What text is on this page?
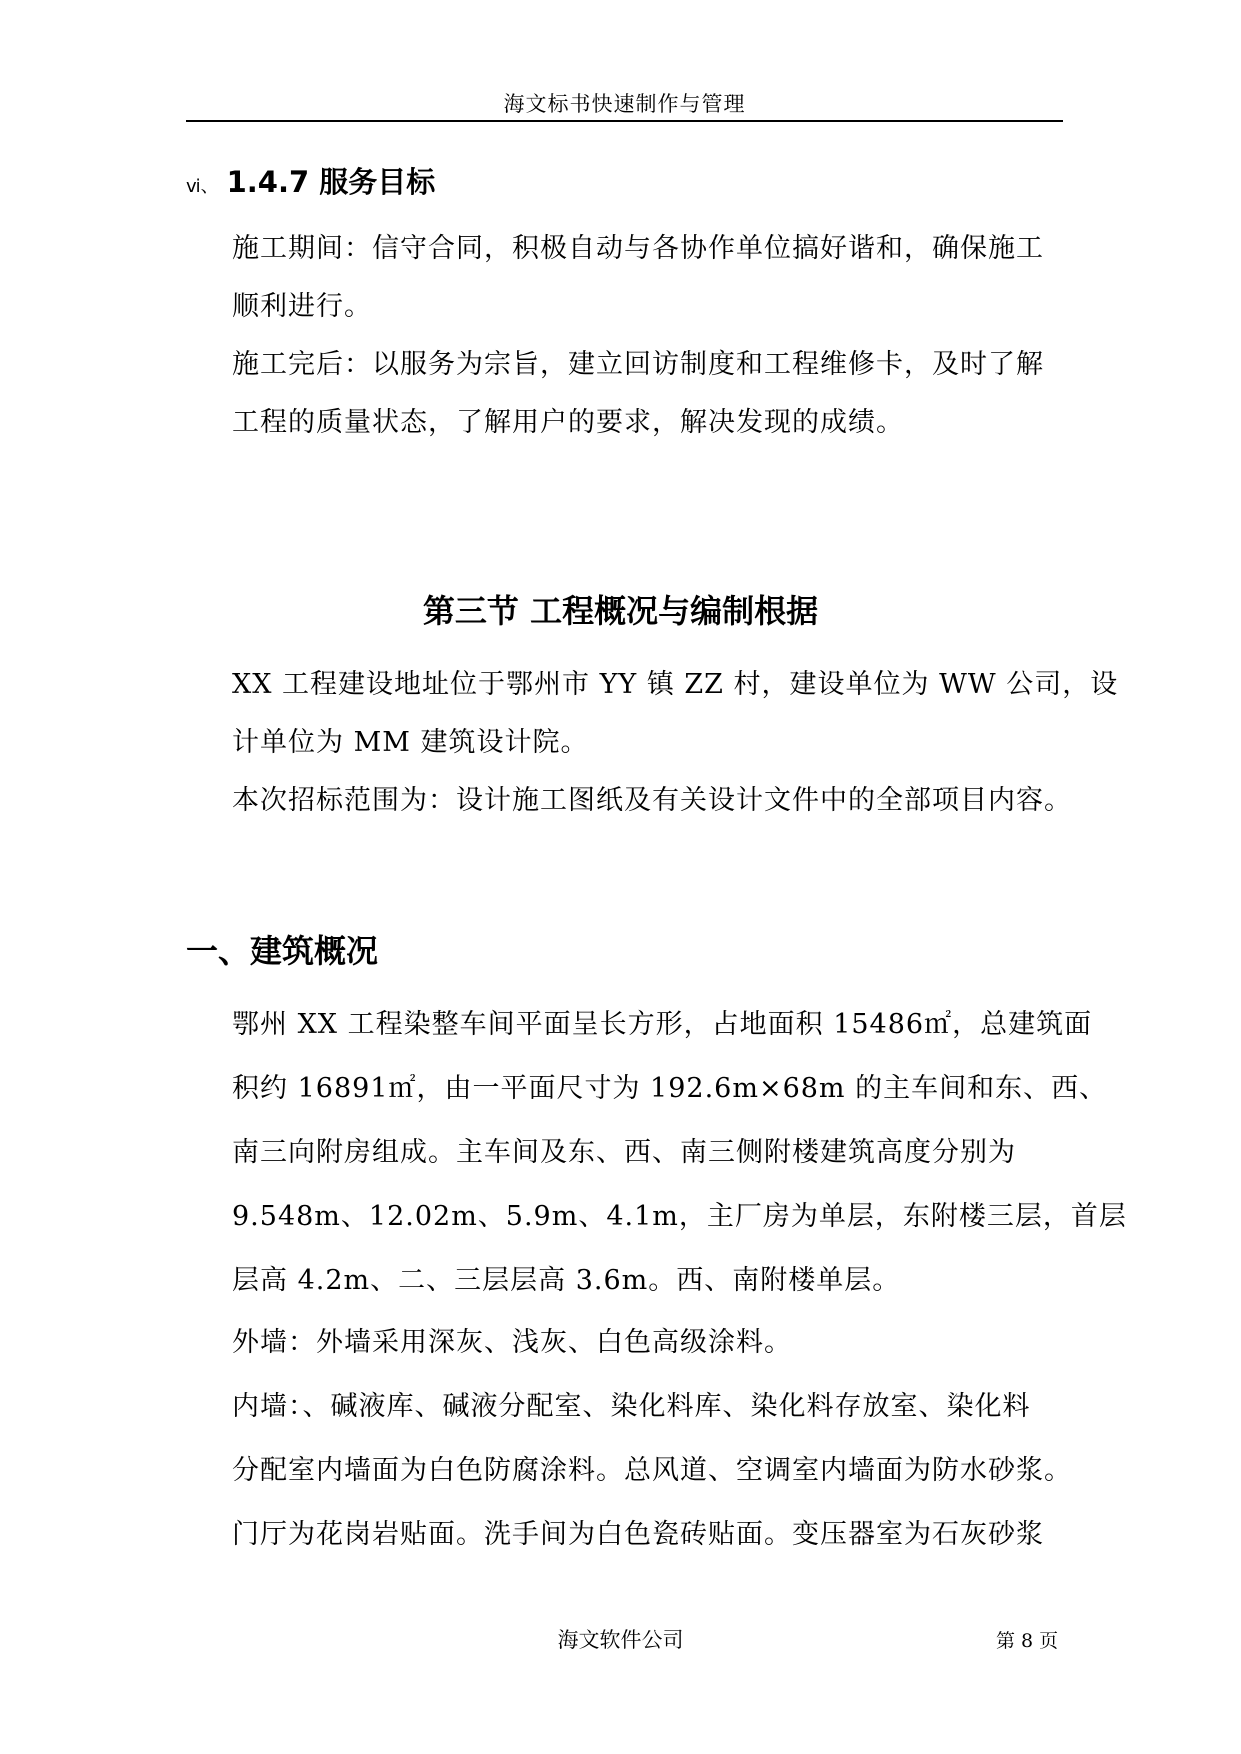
海文标书快速制作与管理
ⅵ、 1.4.7 服务目标
施工期间：信守合同，积极自动与各协作单位搞好谐和，确保施工
顺利进行。
施工完后：以服务为宗旨，建立回访制度和工程维修卡，及时了解
工程的质量状态，了解用户的要求，解决发现的成绩。
第三节 工程概况与编制根据
XX 工程建设地址位于鄂州市 YY 镇 ZZ 村，建设单位为 WW 公司，设
计单位为 MM 建筑设计院。
本次招标范围为：设计施工图纸及有关设计文件中的全部项目内容。
一、建筑概况
鄂州 XX 工程染整车间平面呈长方形，占地面积 15486㎡，总建筑面
积约 16891㎡，由一平面尺寸为 192.6m×68m 的主车间和东、西、
南三向附房组成。主车间及东、西、南三侧附楼建筑高度分别为
9.548m、12.02m、5.9m、4.1m，主厂房为单层，东附楼三层，首层
层高 4.2m、二、三层层高 3.6m。西、南附楼单层。
外墙：外墙采用深灰、浅灰、白色高级涂料。
内墙：、碱液库、碱液分配室、染化料库、染化料存放室、染化料
分配室内墙面为白色防腐涂料。总风道、空调室内墙面为防水砂浆。
门厅为花岗岩贴面。洗手间为白色瓷砖贴面。变压器室为石灰砂浆
海文软件公司	第 8 页
